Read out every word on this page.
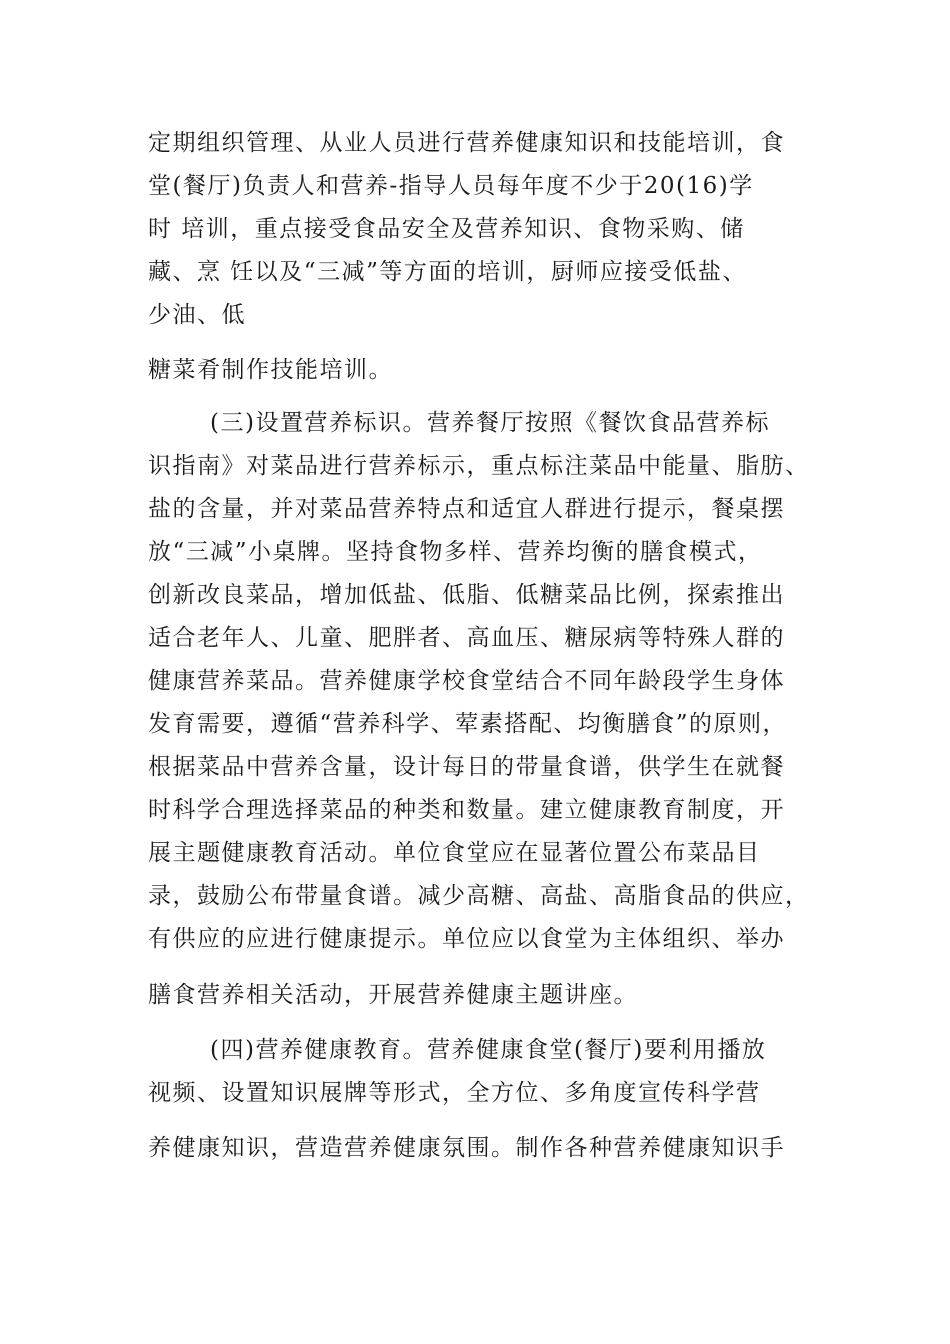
定期组织管理、从业人员进行营养健康知识和技能培训，食
堂(餐厅)负责人和营养-指导人员每年度不少于20(16)学
时 培训，重点接受食品安全及营养知识、食物采购、储
藏、烹 饪以及“三减”等方面的培训，厨师应接受低盐、
少油、低
糖菜肴制作技能培训。
(三)设置营养标识。营养餐厅按照《餐饮食品营养标
识指南》对菜品进行营养标示，重点标注菜品中能量、脂肪、
盐的含量，并对菜品营养特点和适宜人群进行提示，餐桌摆
放“三减”小桌牌。坚持食物多样、营养均衡的膳食模式，
创新改良菜品，增加低盐、低脂、低糖菜品比例，探索推出
适合老年人、儿童、肥胖者、高血压、糖尿病等特殊人群的
健康营养菜品。营养健康学校食堂结合不同年龄段学生身体
发育需要，遵循“营养科学、荤素搭配、均衡膳食”的原则，
根据菜品中营养含量，设计每日的带量食谱，供学生在就餐
时科学合理选择菜品的种类和数量。建立健康教育制度，开
展主题健康教育活动。单位食堂应在显著位置公布菜品目
录，鼓励公布带量食谱。减少高糖、高盐、高脂食品的供应，
有供应的应进行健康提示。单位应以食堂为主体组织、举办
膳食营养相关活动，开展营养健康主题讲座。
(四)营养健康教育。营养健康食堂(餐厅)要利用播放
视频、设置知识展牌等形式，全方位、多角度宣传科学营
养健康知识，营造营养健康氛围。制作各种营养健康知识手
